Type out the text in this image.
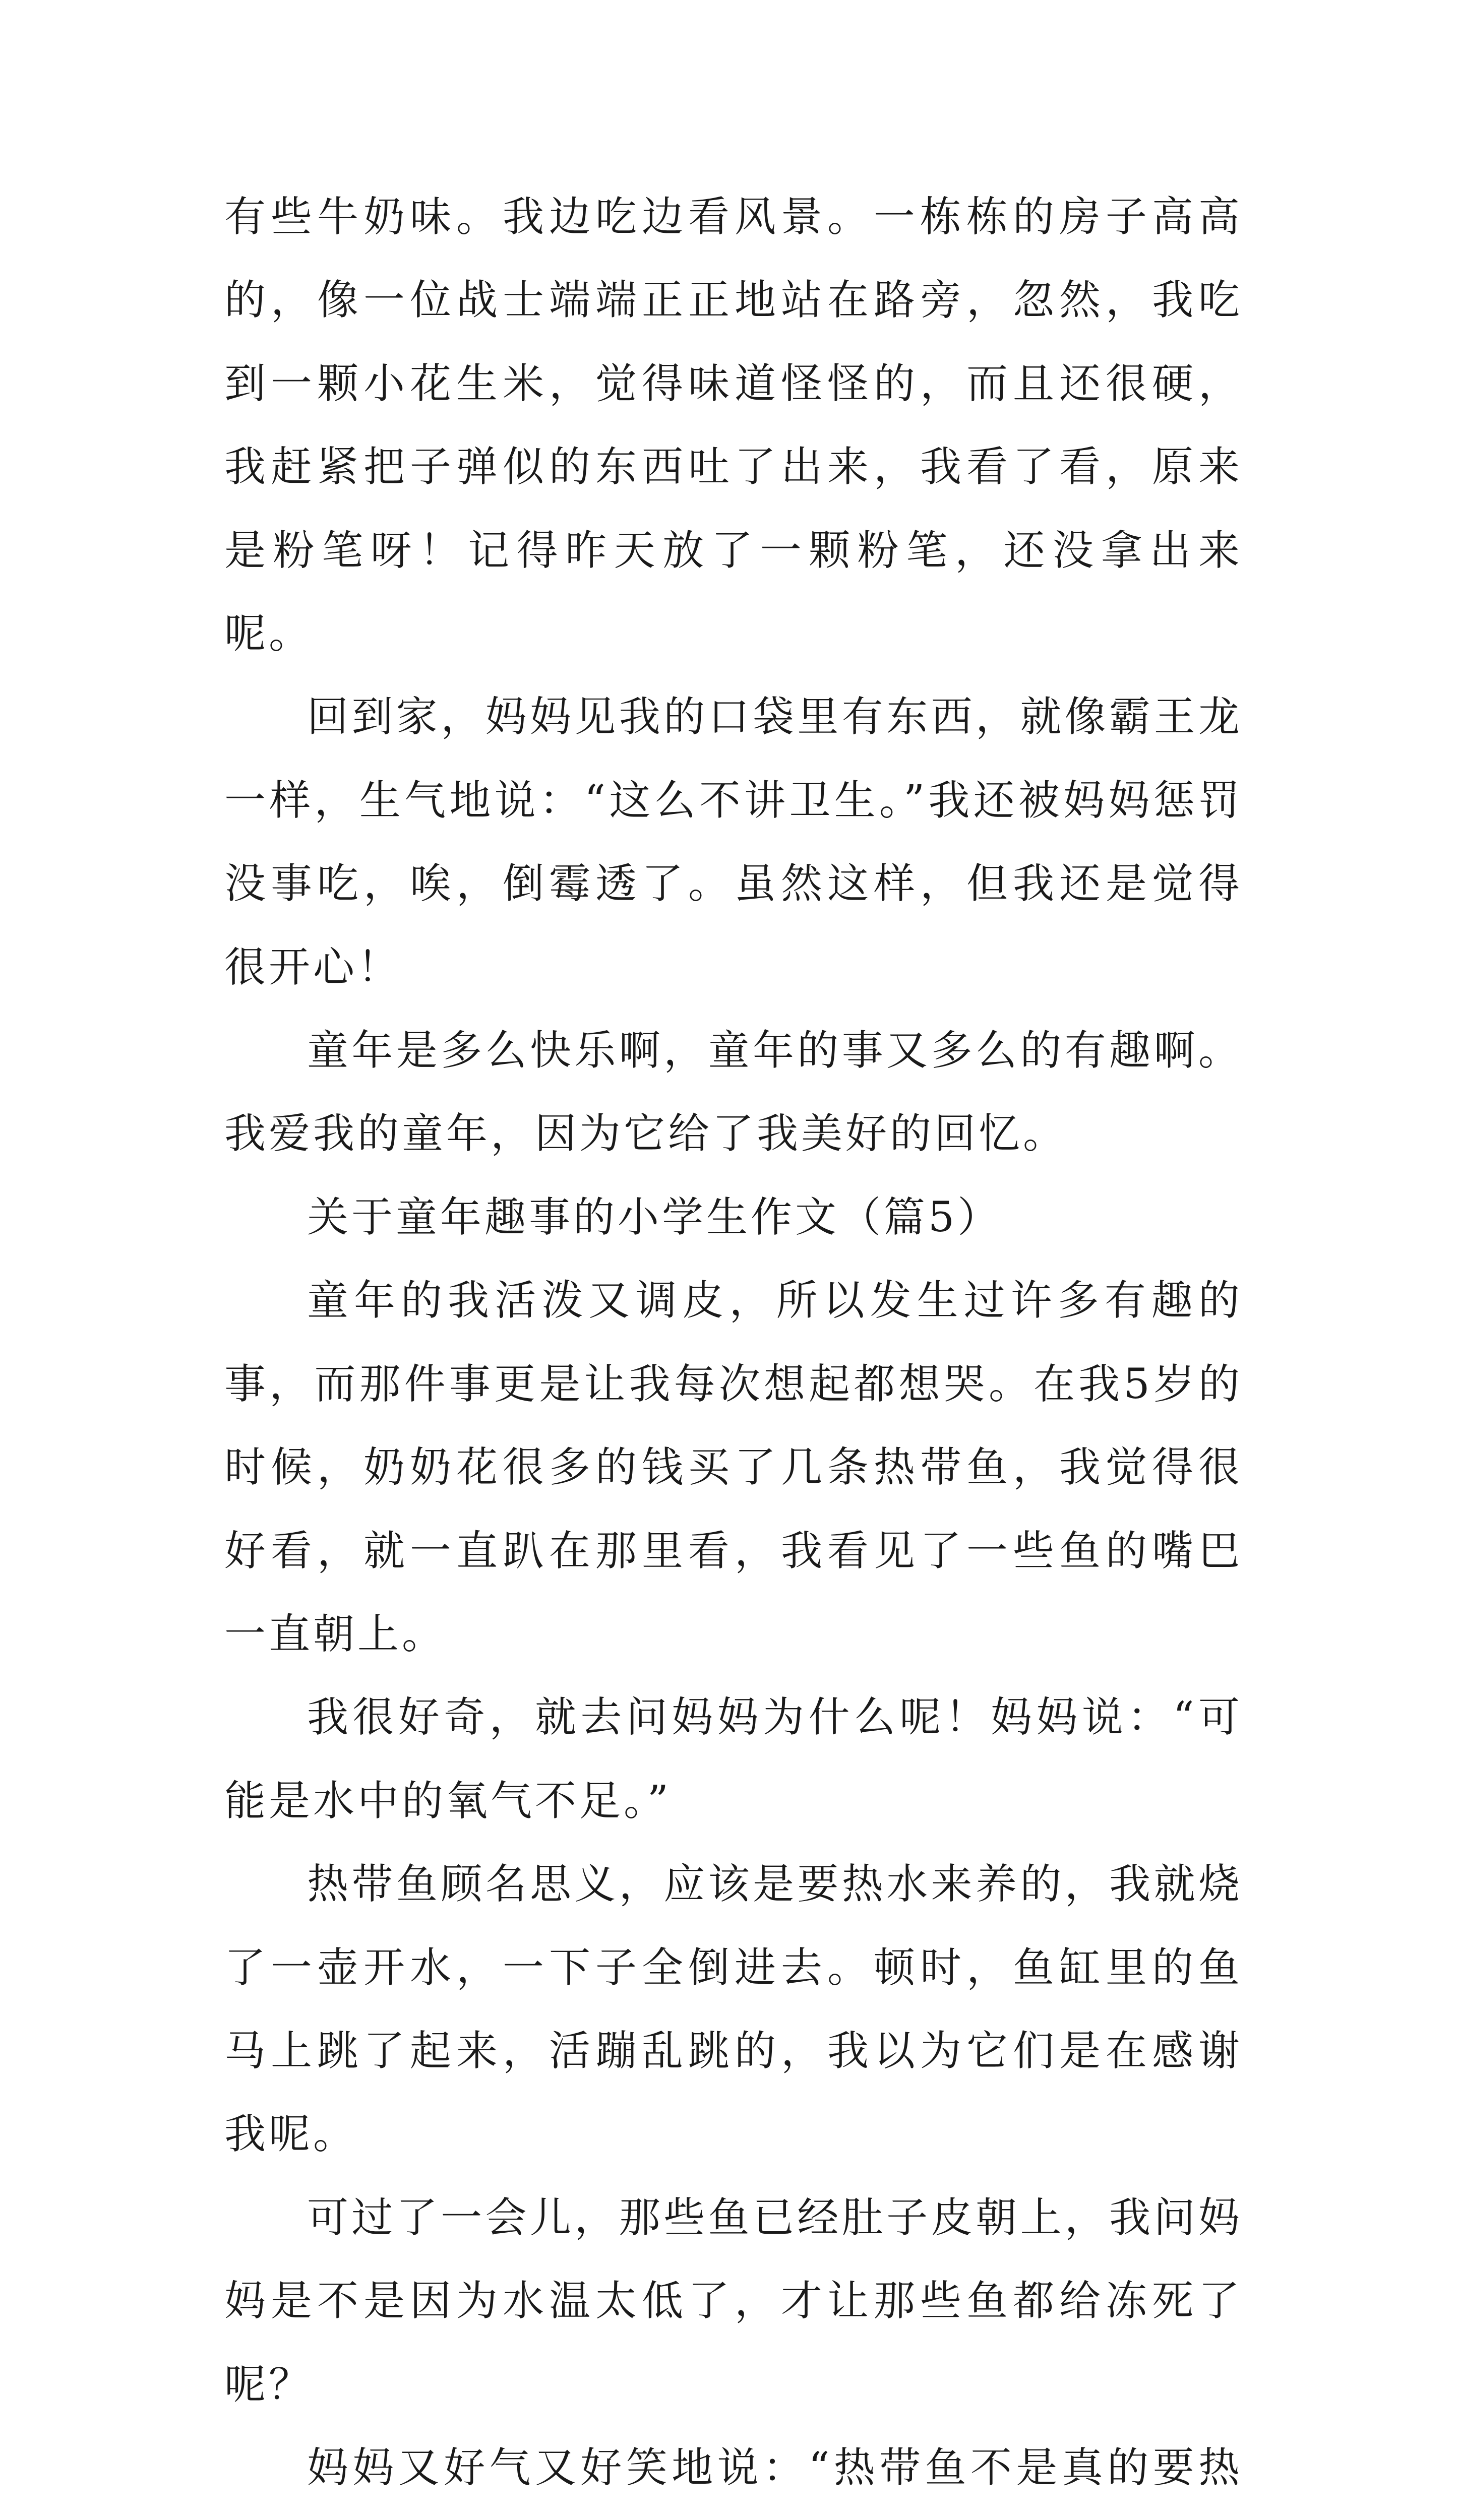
有些牛奶味。我边吃边看风景。一栋栋的房子高高的，像一位战士端端正正地站在路旁，忽然，我吃到一颗小花生米，觉得味道怪怪的，而且还很硬，我赶紧把子弹似的东西吐了出来，我看了看，原来是粉笔呀！记得昨天放了一颗粉笔，还没拿出来呢。

回到家，妈妈见我的口袋里有东西，就像霸王龙一样，生气地说：“这么不讲卫生。”我还被妈妈惩罚没事吃，唉，倒霉透了。虽然这样，但我还是觉得很开心！

童年是多么快乐啊，童年的事又多么的有趣啊。我爱我的童年，因为它给了我美好的回忆。

关于童年趣事的小学生作文（篇5）

童年的我活泼又调皮，所以发生过许多有趣的事，而那件事更是让我每次想起都想哭。在我5岁的时候，奶奶花很多的钱买了几条热带鱼，我觉得很好看，就一直趴在那里看，我看见了一些鱼的嘴巴一直朝上。

我很好奇，就去问妈妈为什么呢！妈妈说：“可能是水中的氧气不足。”

热带鱼顾名思义，应该是要热水来养的，我就烧了一壶开水，一下子全倒进去。顿时，鱼缸里的鱼马上跳了起来，活蹦乱跳的，我以为它们是在感谢我呢。

可过了一会儿，那些鱼已经肚子皮朝上，我问妈妈是不是因为水温太低了，才让那些鱼都给冻死了呢？

妈妈又好气又好笑地说：“热带鱼不是真的要热
